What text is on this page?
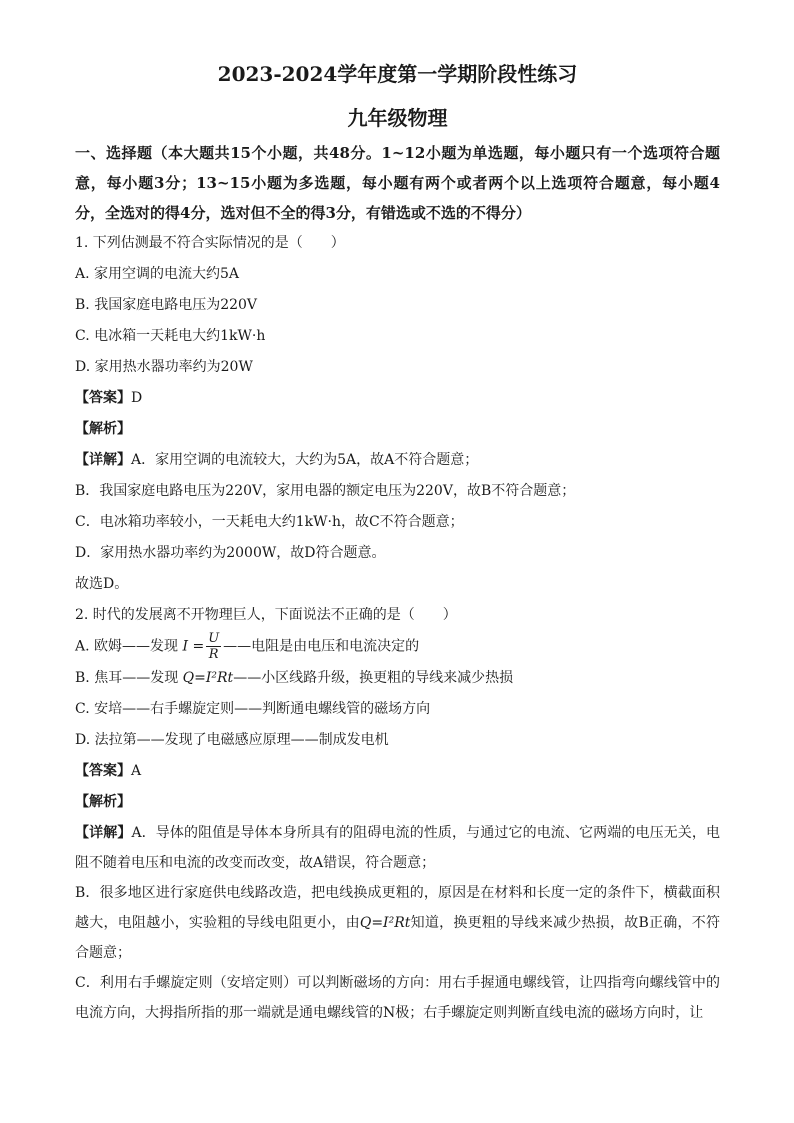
2023-2024学年度第一学期阶段性练习

九年级物理

一、选择题（本大题共15个小题，共48分。1~12小题为单选题，每小题只有一个选项符合题意，每小题3分；13~15小题为多选题，每小题有两个或者两个以上选项符合题意，每小题4分，全选对的得4分，选对但不全的得3分，有错选或不选的不得分）

1. 下列估测最不符合实际情况的是（　　）

A. 家用空调的电流大约5A

B. 我国家庭电路电压为220V

C. 电冰箱一天耗电大约1kW·h

D. 家用热水器功率约为20W

【答案】D

【解析】

【详解】A．家用空调的电流较大，大约为5A，故A不符合题意；

B．我国家庭电路电压为220V，家用电器的额定电压为220V，故B不符合题意；

C．电冰箱功率较小，一天耗电大约1kW·h，故C不符合题意；

D．家用热水器功率约为2000W，故D符合题意。

故选D。

2. 时代的发展离不开物理巨人，下面说法不正确的是（　　）

A. 欧姆——发现 $I = \frac{U}{R}$ ——电阻是由电压和电流决定的

B. 焦耳——发现 Q=I²Rt——小区线路升级，换更粗的导线来减少热损

C. 安培——右手螺旋定则——判断通电螺线管的磁场方向

D. 法拉第——发现了电磁感应原理——制成发电机

【答案】A

【解析】

【详解】A．导体的阻值是导体本身所具有的阻碍电流的性质，与通过它的电流、它两端的电压无关，电阻不随着电压和电流的改变而改变，故A错误，符合题意；

B．很多地区进行家庭供电线路改造，把电线换成更粗的，原因是在材料和长度一定的条件下，横截面积越大，电阻越小，实验粗的导线电阻更小，由Q=I²Rt知道，换更粗的导线来减少热损，故B正确，不符合题意；

C．利用右手螺旋定则（安培定则）可以判断磁场的方向：用右手握通电螺线管，让四指弯向螺线管中的电流方向，大拇指所指的那一端就是通电螺线管的N极；右手螺旋定则判断直线电流的磁场方向时，让
